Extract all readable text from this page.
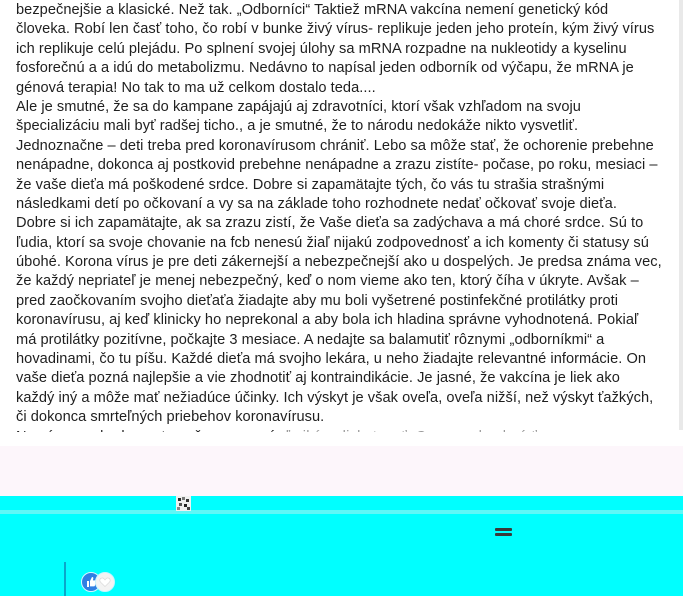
bezpečnejšie a klasické. Než tak. „Odborníci“ Taktiež mRNA vakcína nemení genetický kód
človeka. Robí len časť toho, čo robí v bunke živý vírus- replikuje jeden jeho proteín, kým živý vírus
ich replikuje celú plejádu. Po splnení svojej úlohy sa mRNA rozpadne na nukleotidy a kyselinu
fosforečnú a a idú do metabolizmu. Nedávno to napísal jeden odborník od výčapu, že mRNA je
génová terapia! No tak to ma už celkom dostalo teda....
Ale je smutné, že sa do kampane zapájajú aj zdravotníci, ktorí však vzhľadom na svoju
špecializáciu mali byť radšej ticho., a je smutné, že to národu nedokáže nikto vysvetliť.
Jednoznačne – deti treba pred koronavírusom chrániť. Lebo sa môže stať, že ochorenie prebehne
nenápadne, dokonca aj postkovid prebehne nenápadne a zrazu zistíte- počase, po roku, mesiaci –
že vaše dieťa má poškodené srdce. Dobre si zapamätajte tých, čo vás tu strašia strašnými
následkami detí po očkovaní a vy sa na základe toho rozhodnete nedať očkovať svoje dieťa.
Dobre si ich zapamätajte, ak sa zrazu zistí, že Vaše dieťa sa zadýchava a má choré srdce. Sú to
ľudia, ktorí sa svoje chovanie na fcb nenesú žiaľ nijakú zodpovednosť a ich komenty či statusy sú
úbohé. Korona vírus je pre deti zákernejší a nebezpečnejší ako u dospelých. Je predsa známa vec,
že každý nepriateľ je menej nebezpečný, keď o nom vieme ako ten, ktorý číha v úkryte. Avšak –
pred zaočkovaním svojho dieťaťa žiadajte aby mu boli vyšetrené postinfekčné protilátky proti
koronavírusu, aj keď klinicky ho neprekonal a aby bola ich hladina správne vyhodnotená. Pokiaľ
má protilátky pozitívne, počkajte 3 mesiace. A nedajte sa balamutiť rôznymi „odborníkmi“ a
hovadinami, čo tu píšu. Každé dieťa má svojho lekára, u neho žiadajte relevantné informácie. On
vaše dieťa pozná najlepšie a vie zhodnotiť aj kontraindikácie. Je jasné, že vakcína je liek ako
každý iný a môže mať nežiadúce účinky. Ich výskyt je však oveľa, oveľa nižší, než výskyt ťažkých,
či dokonca smrteľných priebehov koronavírusu.
